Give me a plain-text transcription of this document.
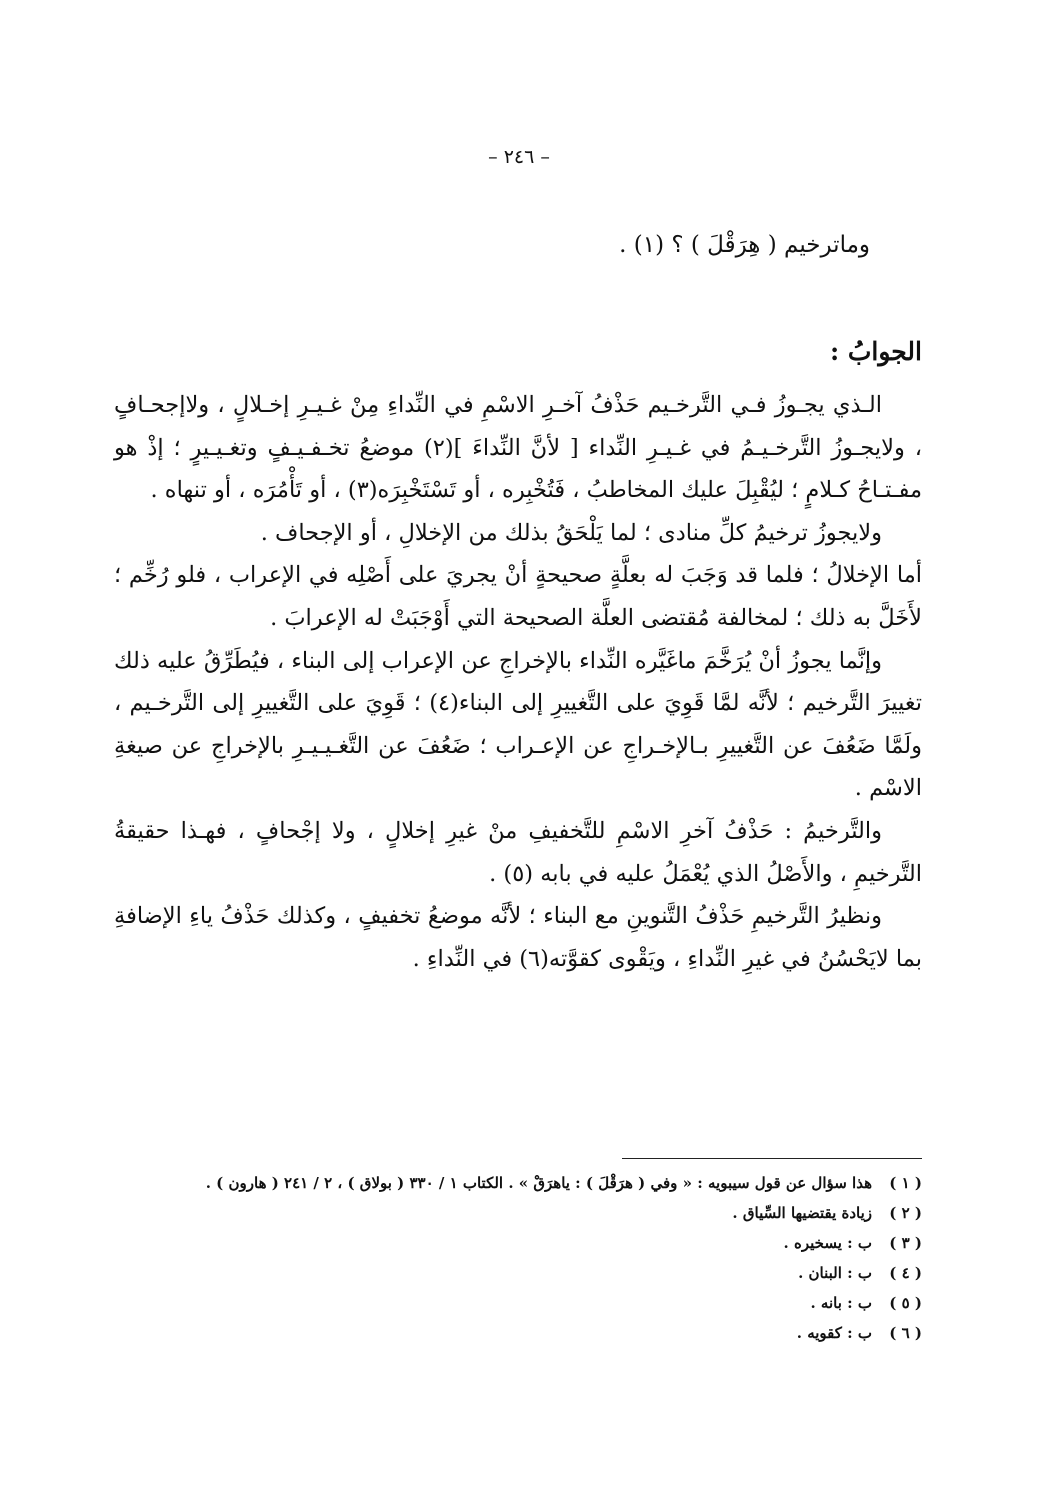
– ٢٤٦ –
وماترخيم ( هِرَقْلَ ) ؟ (١) .
الجوابُ :

الـذي يجـوزُ فـي التَّرخـيم حَذْفُ آخـرِ الاسْمِ في النِّداءِ مِنْ غـيـرِ إخـلالٍ ، ولاإجحـافٍ ، ولايجـوزُ التَّرخـيـمُ في غـيـرِ النِّداء [ لأنَّ النِّداءَ ](٢) موضعُ تخـفـيـفٍ وتغـيـيرٍ ؛ إذْ هو مفـتـاحُ كـلامٍ ؛ ليُقْبِلَ عليك المخاطبُ ، فَتُخْبِره ، أو تَسْتَخْبِرَه(٣) ، أو تَأْمُرَه ، أو تنهاه .

ولايجوزُ ترخيمُ كلِّ منادى ؛ لما يَلْحَقُ بذلك من الإخلالِ ، أو الإجحاف .

أما الإخلالُ ؛ فلما قد وَجَبَ له بعلَّةٍ صحيحةٍ أنْ يجريَ على أَصْلِه في الإعراب ، فلو رُخِّم ؛ لأَخَلَّ به ذلك ؛ لمخالفة مُقتضى العلَّة الصحيحة التي أَوْجَبَتْ له الإعرابَ .

وإنَّما يجوزُ أنْ يُرَخَّمَ ماغَيَّره النِّداء بالإخراجِ عن الإعراب إلى البناء ، فيُطَرِّقُ عليه ذلك تغييرَ التَّرخيم ؛ لأنَّه لمَّا قَوِيَ على التَّغييرِ إلى البناء(٤) ؛ قَوِيَ على التَّغييرِ إلى التَّرخـيم ، ولَمَّا ضَعُفَ عن التَّغييرِ بـالإخـراجِ عن الإعـراب ؛ ضَعُفَ عن التَّغـيـيـرِ بالإخراجِ عن صيغةِ الاسْم .

والتَّرخيمُ : حَذْفُ آخرِ الاسْمِ للتَّخفيفِ منْ غيرِ إخلالٍ ، ولا إجْحافٍ ، فهـذا حقيقةُ التَّرخيمِ ، والأَصْلُ الذي يُعْمَلُ عليه في بابه (٥) .

ونظيرُ التَّرخيمِ حَذْفُ التَّنوينِ مع البناء ؛ لأنَّه موضعُ تخفيفٍ ، وكذلك حَذْفُ ياءِ الإضافةِ بما لايَحْسُنُ في غيرِ النِّداءِ ، ويَقْوى كقوَّته(٦) في النِّداءِ .

( ١ )
هذا سؤال عن قول سيبويه : « وفي ( هرَقْلَ ) : ياهرَقْ » . الكتاب ١ / ٣٣٠ ( بولاق ) ، ٢ / ٢٤١ ( هارون ) .
( ٢ )
زيادة يقتضيها السِّياق .
( ٣ )
ب : يسخيره .
( ٤ )
ب : البنان .
( ٥ )
ب : بانه .
( ٦ )
ب : كقويه .
